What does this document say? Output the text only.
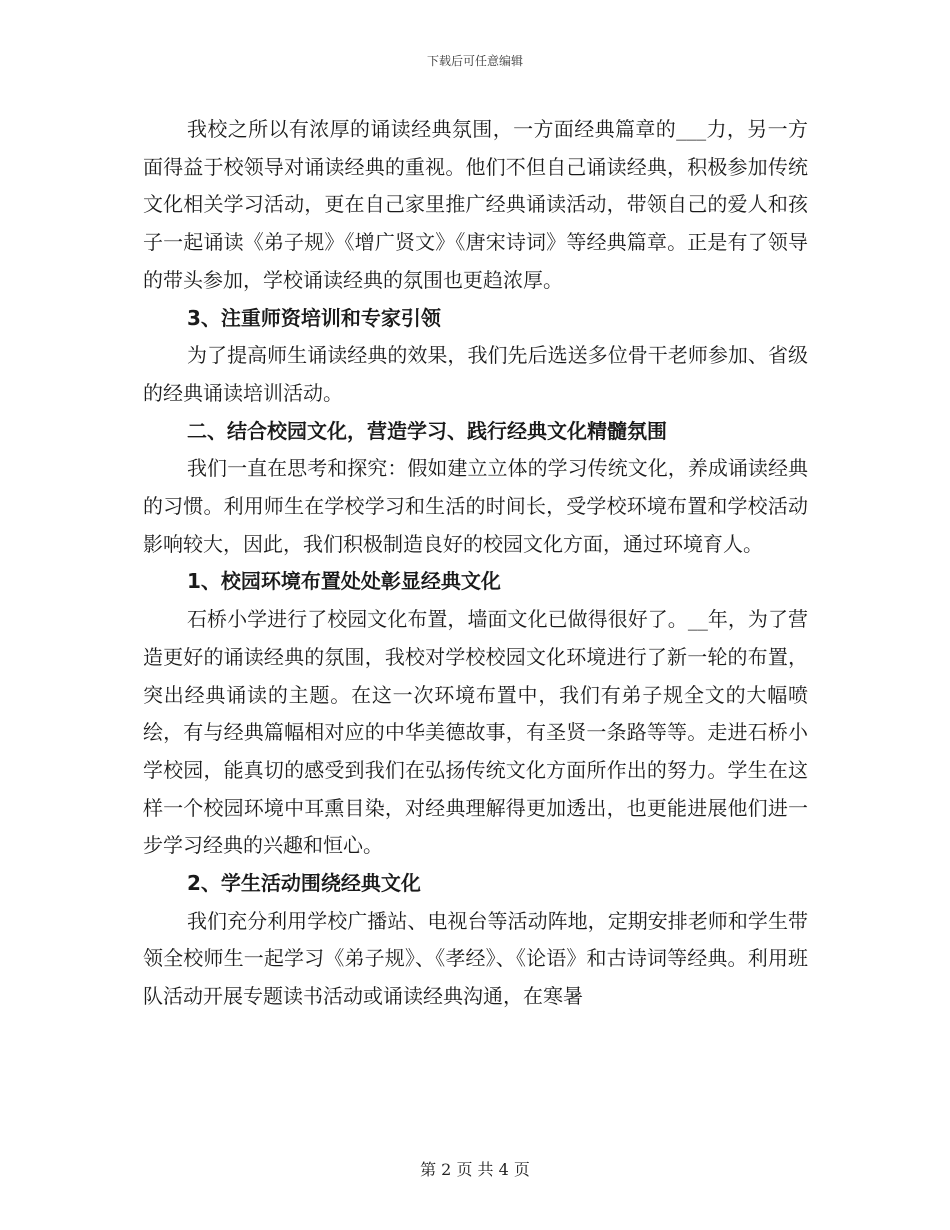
下载后可任意编辑

我校之所以有浓厚的诵读经典氛围，一方面经典篇章的___力，另一方面得益于校领导对诵读经典的重视。他们不但自己诵读经典，积极参加传统文化相关学习活动，更在自己家里推广经典诵读活动，带领自己的爱人和孩子一起诵读《弟子规》《增广贤文》《唐宋诗词》等经典篇章。正是有了领导的带头参加，学校诵读经典的氛围也更趋浓厚。

3、注重师资培训和专家引领

为了提高师生诵读经典的效果，我们先后选送多位骨干老师参加、省级的经典诵读培训活动。

二、结合校园文化，营造学习、践行经典文化精髓氛围

我们一直在思考和探究：假如建立立体的学习传统文化，养成诵读经典的习惯。利用师生在学校学习和生活的时间长，受学校环境布置和学校活动影响较大，因此，我们积极制造良好的校园文化方面，通过环境育人。

1、校园环境布置处处彰显经典文化

石桥小学进行了校园文化布置，墙面文化已做得很好了。__年，为了营造更好的诵读经典的氛围，我校对学校校园文化环境进行了新一轮的布置，突出经典诵读的主题。在这一次环境布置中，我们有弟子规全文的大幅喷绘，有与经典篇幅相对应的中华美德故事，有圣贤一条路等等。走进石桥小学校园，能真切的感受到我们在弘扬传统文化方面所作出的努力。学生在这样一个校园环境中耳熏目染，对经典理解得更加透出，也更能进展他们进一步学习经典的兴趣和恒心。

2、学生活动围绕经典文化

我们充分利用学校广播站、电视台等活动阵地，定期安排老师和学生带领全校师生一起学习《弟子规》、《孝经》、《论语》和古诗词等经典。利用班队活动开展专题读书活动或诵读经典沟通，在寒暑

第 2 页 共 4 页
